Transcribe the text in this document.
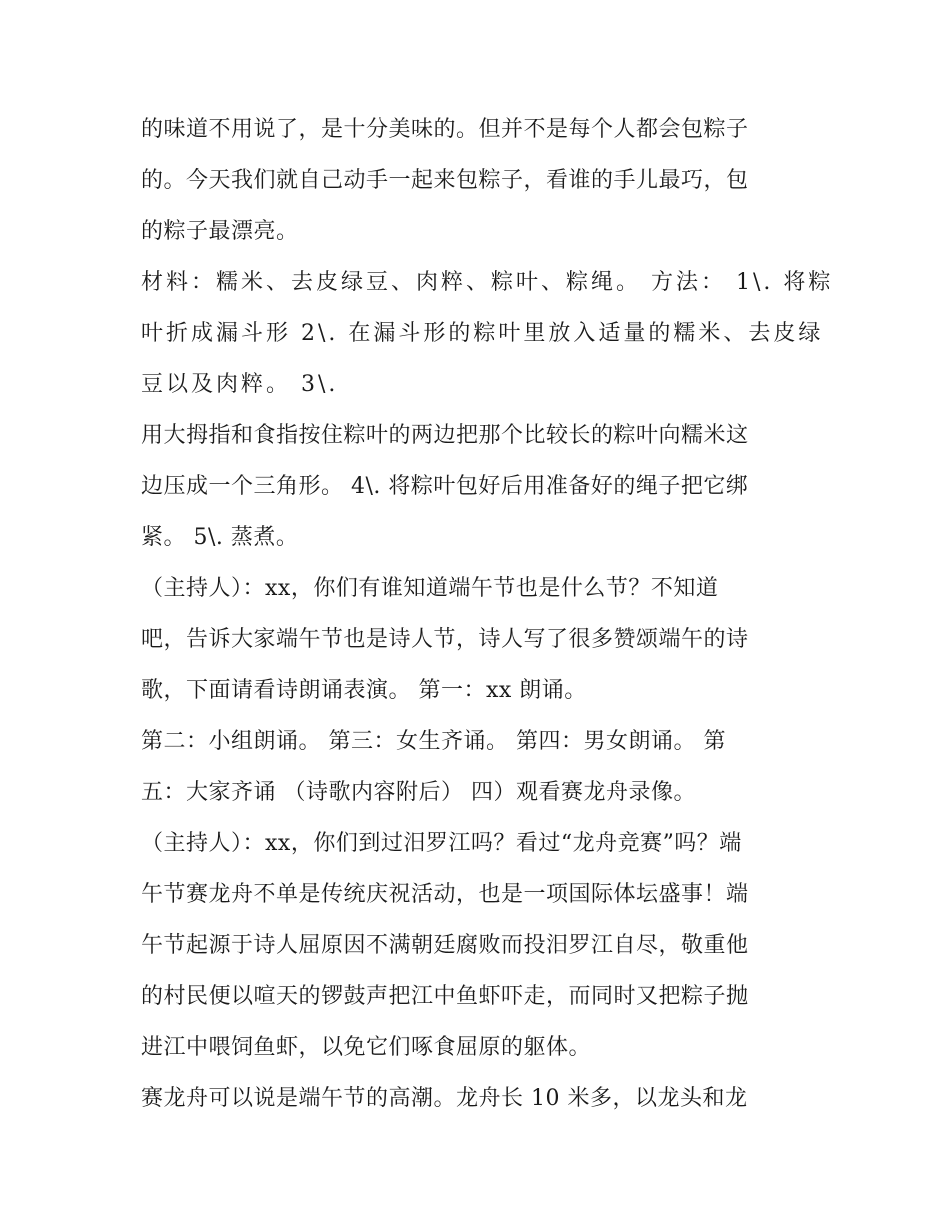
的味道不用说了，是十分美味的。但并不是每个人都会包粽子
的。今天我们就自己动手一起来包粽子，看谁的手儿最巧，包
的粽子最漂亮。
材料：糯米、去皮绿豆、肉粹、粽叶、粽绳。 方法： 1\. 将粽
叶折成漏斗形 2\. 在漏斗形的粽叶里放入适量的糯米、去皮绿
豆以及肉粹。 3\.
用大拇指和食指按住粽叶的两边把那个比较长的粽叶向糯米这
边压成一个三角形。 4\. 将粽叶包好后用准备好的绳子把它绑
紧。 5\. 蒸煮。
（主持人）：xx，你们有谁知道端午节也是什么节？不知道
吧，告诉大家端午节也是诗人节，诗人写了很多赞颂端午的诗
歌，下面请看诗朗诵表演。 第一：xx 朗诵。
第二：小组朗诵。 第三：女生齐诵。 第四：男女朗诵。 第
五：大家齐诵 （诗歌内容附后） 四）观看赛龙舟录像。
（主持人）：xx，你们到过汨罗江吗？看过“龙舟竞赛”吗？端
午节赛龙舟不单是传统庆祝活动，也是一项国际体坛盛事！端
午节起源于诗人屈原因不满朝廷腐败而投汨罗江自尽，敬重他
的村民便以喧天的锣鼓声把江中鱼虾吓走，而同时又把粽子抛
进江中喂饲鱼虾，以免它们啄食屈原的躯体。
赛龙舟可以说是端午节的高潮。龙舟长 10 米多，以龙头和龙
